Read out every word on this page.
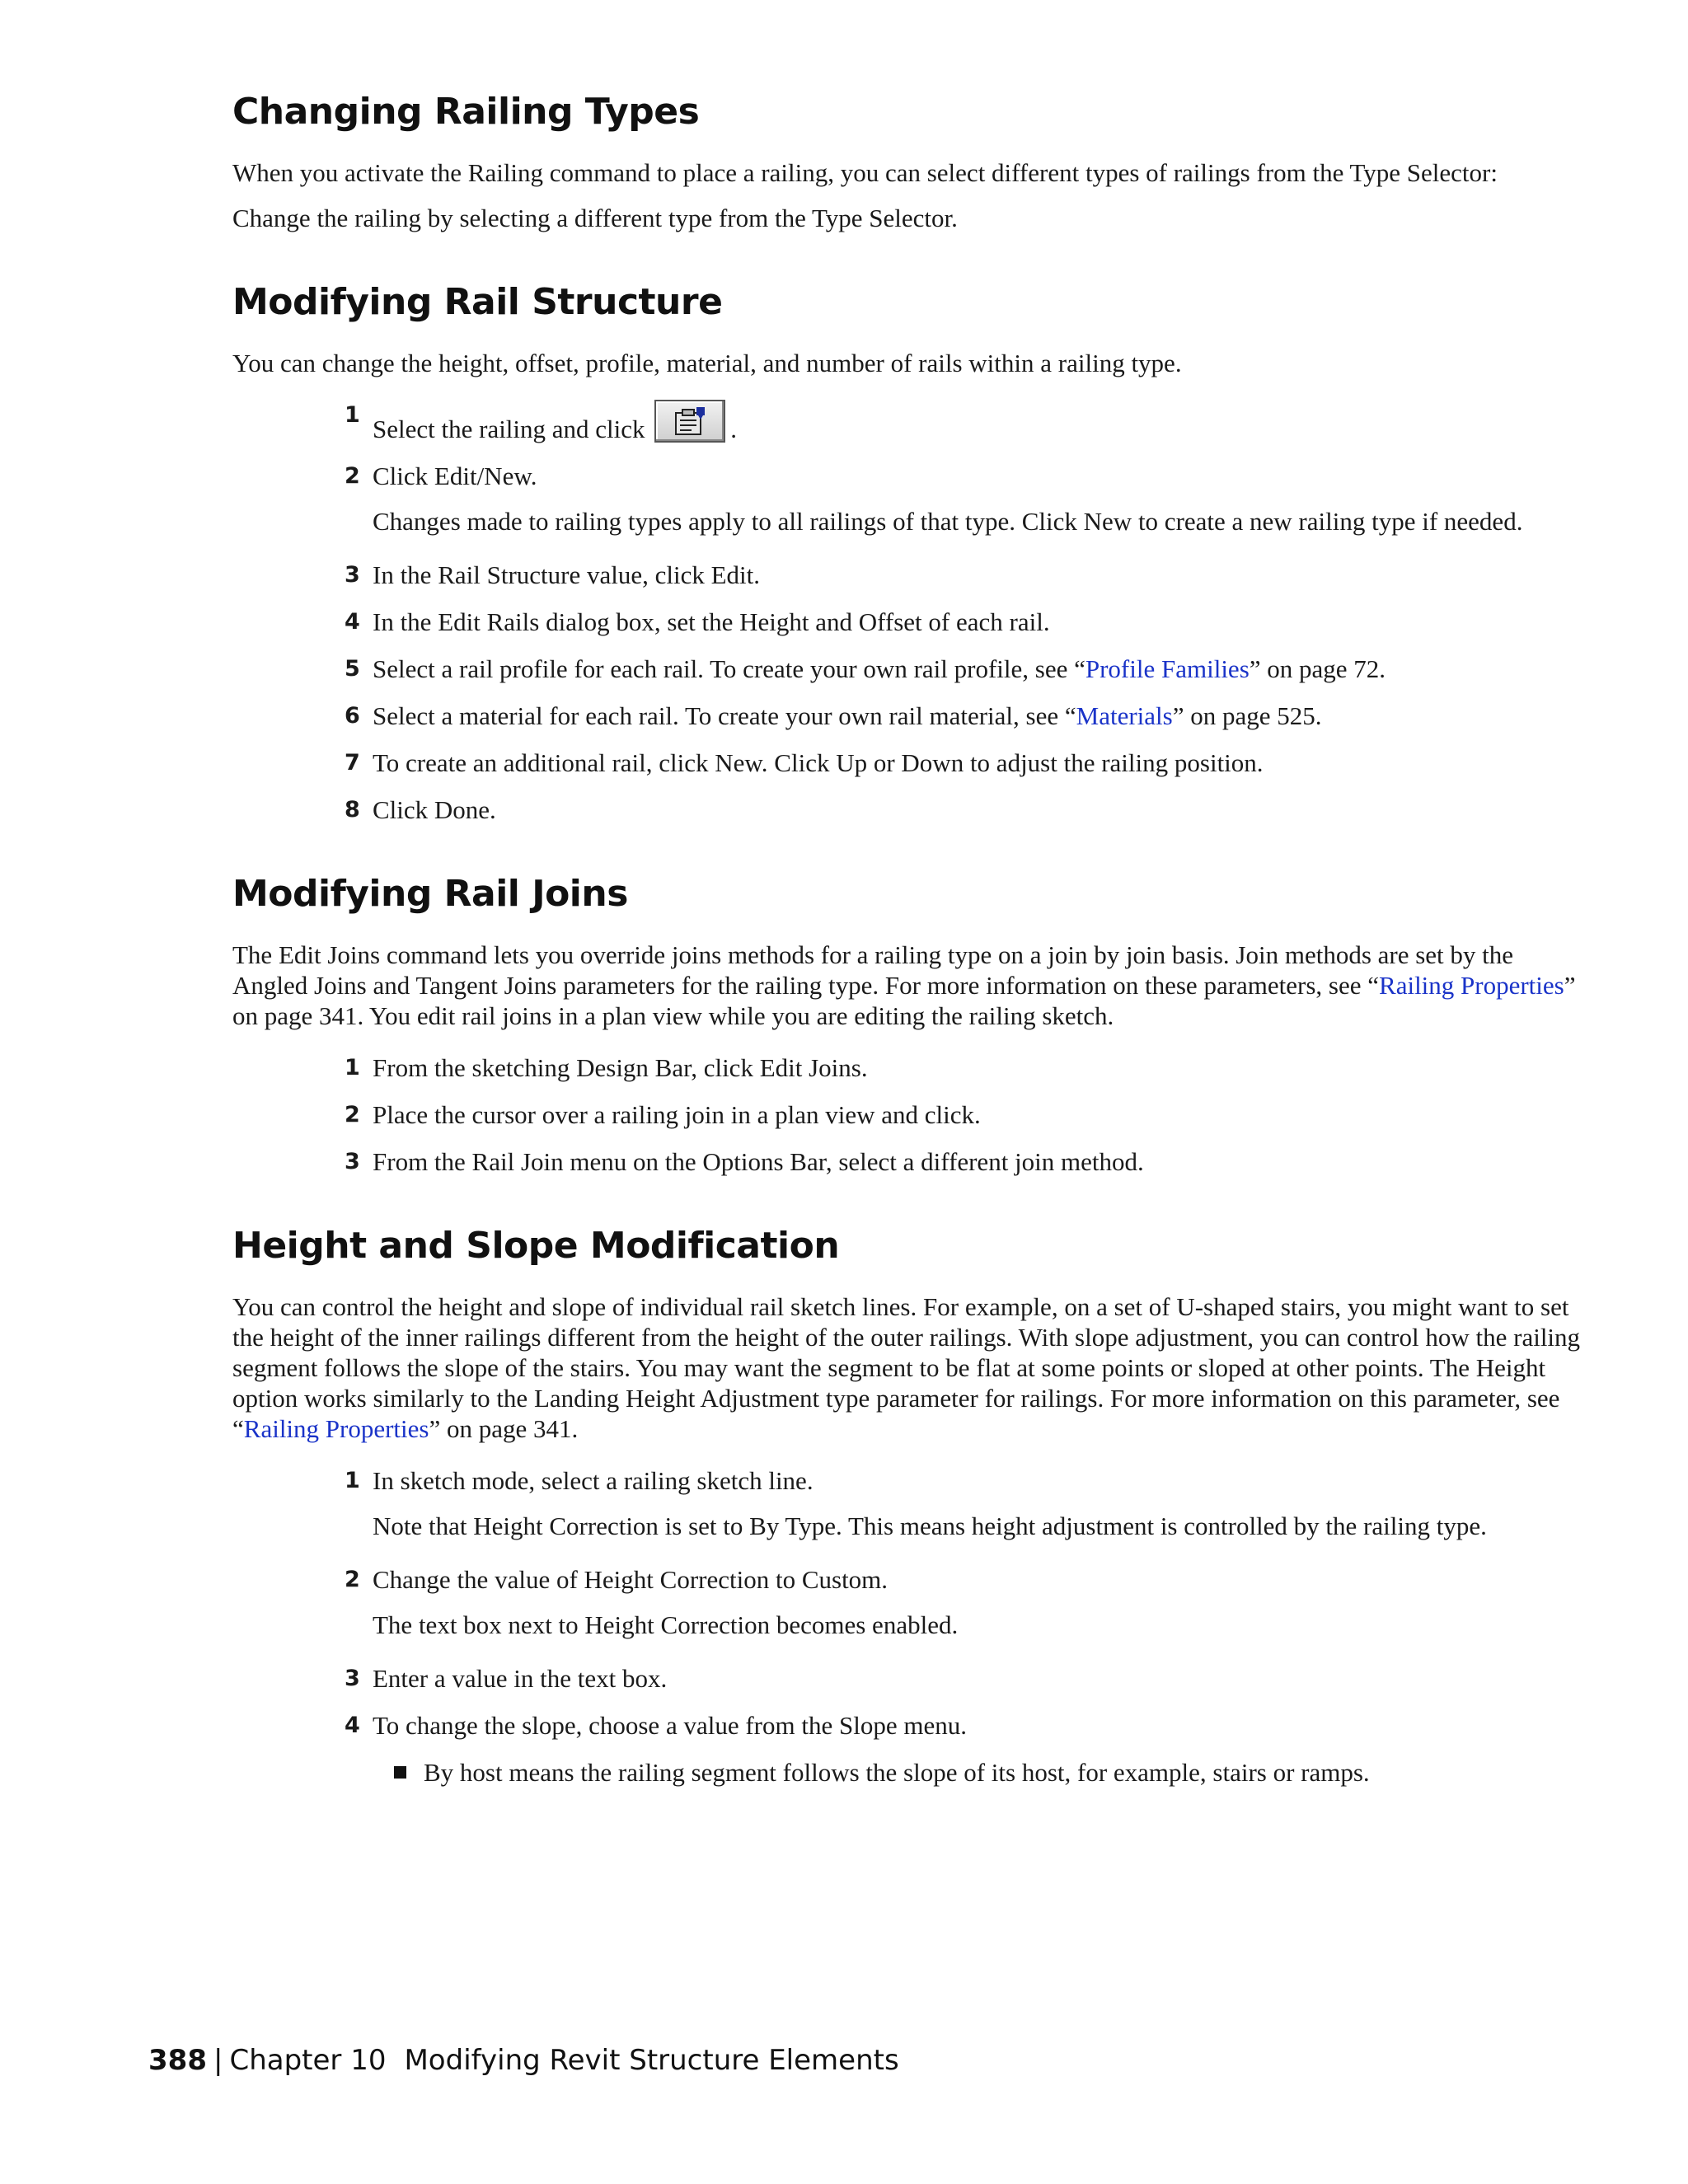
Changing Railing Types

When you activate the Railing command to place a railing, you can select different types of railings from the Type Selector:

Change the railing by selecting a different type from the Type Selector.

Modifying Rail Structure

You can change the height, offset, profile, material, and number of rails within a railing type.

1 Select the railing and click	.
2 Click Edit/New.
Changes made to railing types apply to all railings of that type. Click New to create a new railing type if needed.
3 In the Rail Structure value, click Edit.
4 In the Edit Rails dialog box, set the Height and Offset of each rail.
5 Select a rail profile for each rail. To create your own rail profile, see “Profile Families” on page 72.
6 Select a material for each rail. To create your own rail material, see “Materials” on page 525.
7 To create an additional rail, click New. Click Up or Down to adjust the railing position.
8 Click Done.
Modifying Rail Joins

The Edit Joins command lets you override joins methods for a railing type on a join by join basis. Join methods are set by the Angled Joins and Tangent Joins parameters for the railing type. For more information on these parameters, see “Railing Properties” on page 341. You edit rail joins in a plan view while you are editing the railing sketch.

1 From the sketching Design Bar, click Edit Joins.
2 Place the cursor over a railing join in a plan view and click.
3 From the Rail Join menu on the Options Bar, select a different join method.
Height and Slope Modification

You can control the height and slope of individual rail sketch lines. For example, on a set of U-shaped stairs, you might want to set the height of the inner railings different from the height of the outer railings. With slope adjustment, you can control how the railing segment follows the slope of the stairs. You may want the segment to be flat at some points or sloped at other points. The Height option works similarly to the Landing Height Adjustment type parameter for railings. For more information on this parameter, see “Railing Properties” on page 341.

1 In sketch mode, select a railing sketch line.
Note that Height Correction is set to By Type. This means height adjustment is controlled by the railing type.
2 Change the value of Height Correction to Custom.
The text box next to Height Correction becomes enabled.
3 Enter a value in the text box.
4 To change the slope, choose a value from the Slope menu.
By host means the railing segment follows the slope of its host, for example, stairs or ramps.
388 | Chapter 10 Modifying Revit Structure Elements
